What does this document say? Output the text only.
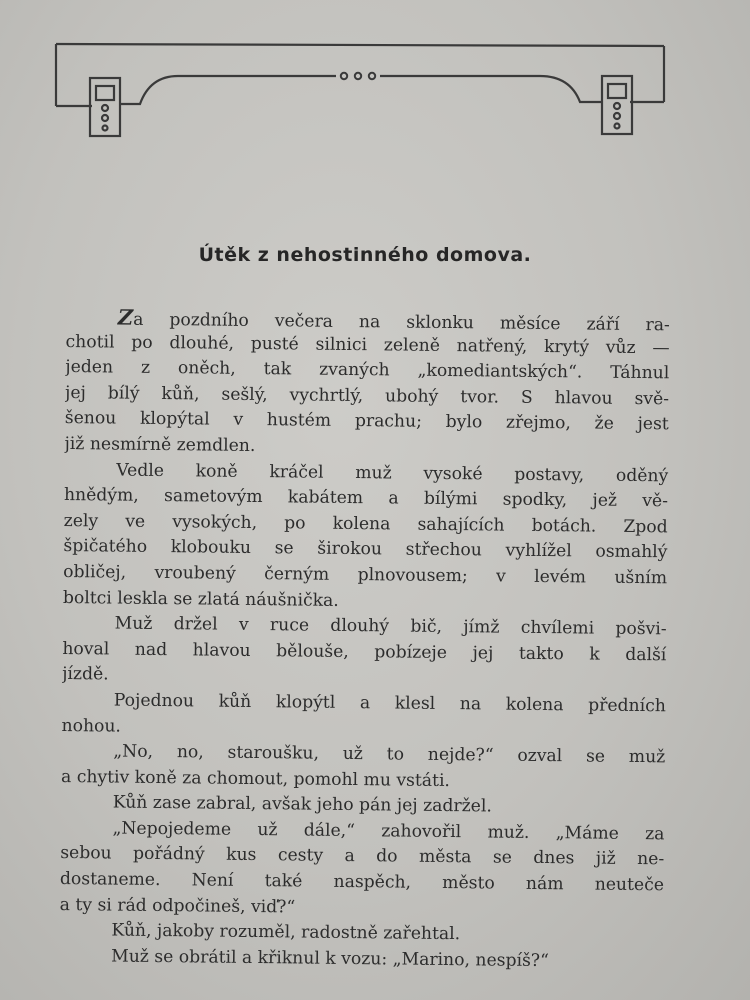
Útěk z nehostinného domova.
Za pozdního večera na sklonku měsíce září ra-
chotil po dlouhé, pusté silnici zeleně natřený, krytý vůz —
jeden z oněch, tak zvaných „komediantských“. Táhnul
jej bílý kůň, sešlý, vychrtlý, ubohý tvor. S hlavou svě-
šenou klopýtal v hustém prachu; bylo zřejmo, že jest
již nesmírně zemdlen.
Vedle koně kráčel muž vysoké postavy, oděný
hnědým, sametovým kabátem a bílými spodky, jež vě-
zely ve vysokých, po kolena sahajících botách. Zpod
špičatého klobouku se širokou střechou vyhlížel osmahlý
obličej, vroubený černým plnovousem; v levém ušním
boltci leskla se zlatá náušnička.
Muž držel v ruce dlouhý bič, jímž chvílemi pošvi-
hoval nad hlavou bělouše, pobízeje jej takto k další
jízdě.
Pojednou kůň klopýtl a klesl na kolena předních
nohou.
„No, no, staroušku, už to nejde?“ ozval se muž
a chytiv koně za chomout, pomohl mu vstáti.
Kůň zase zabral, avšak jeho pán jej zadržel.
„Nepojedeme už dále,“ zahovořil muž. „Máme za
sebou pořádný kus cesty a do města se dnes již ne-
dostaneme. Není také naspěch, město nám neuteče
a ty si rád odpočineš, viď?“
Kůň, jakoby rozuměl, radostně zařehtal.
Muž se obrátil a křiknul k vozu: „Marino, nespíš?“
